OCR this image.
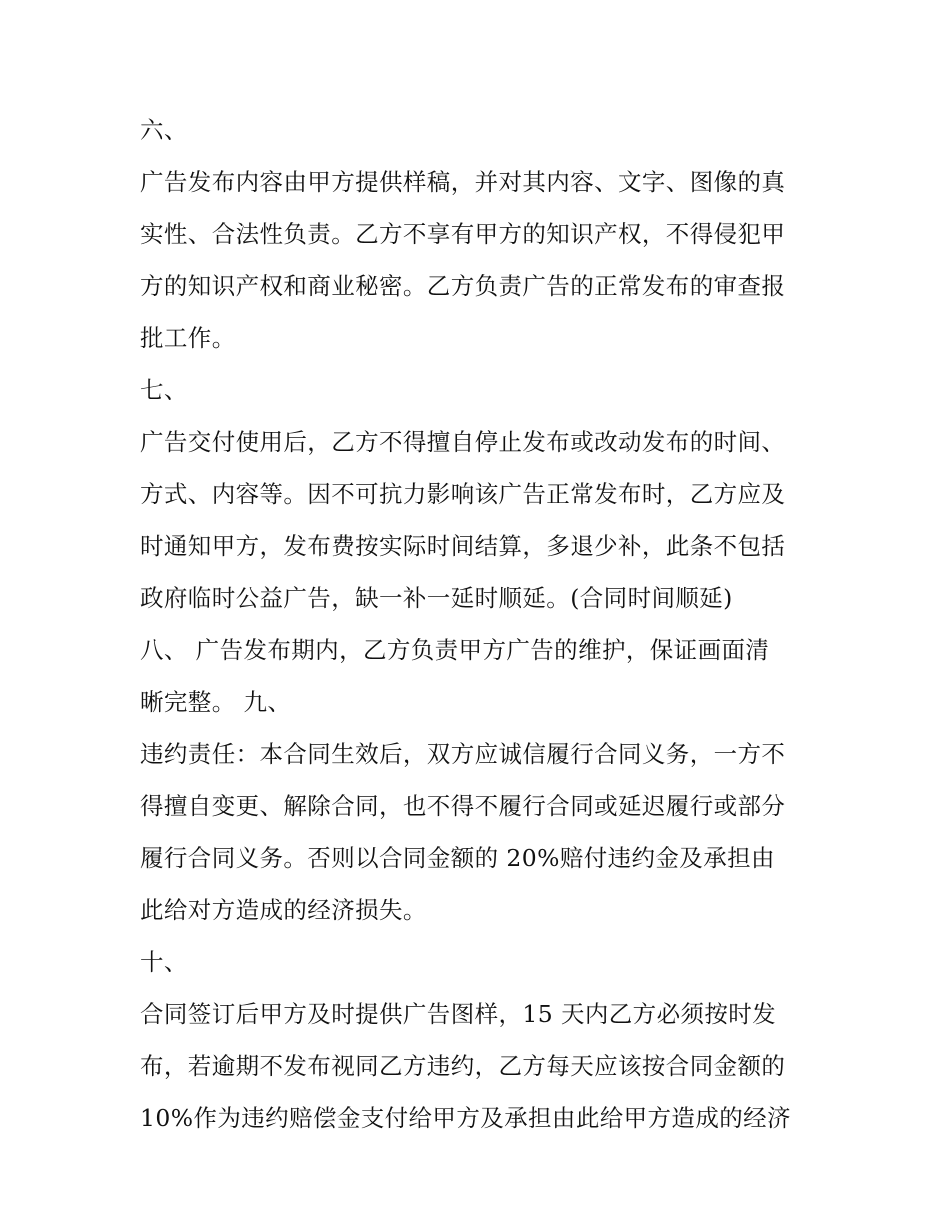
六、
广告发布内容由甲方提供样稿，并对其内容、文字、图像的真
实性、合法性负责。乙方不享有甲方的知识产权，不得侵犯甲
方的知识产权和商业秘密。乙方负责广告的正常发布的审查报
批工作。
七、
广告交付使用后，乙方不得擅自停止发布或改动发布的时间、
方式、内容等。因不可抗力影响该广告正常发布时，乙方应及
时通知甲方，发布费按实际时间结算，多退少补，此条不包括
政府临时公益广告，缺一补一延时顺延。(合同时间顺延)
八、 广告发布期内，乙方负责甲方广告的维护，保证画面清
晰完整。 九、
违约责任：本合同生效后，双方应诚信履行合同义务，一方不
得擅自变更、解除合同，也不得不履行合同或延迟履行或部分
履行合同义务。否则以合同金额的 20%赔付违约金及承担由
此给对方造成的经济损失。
十、
合同签订后甲方及时提供广告图样，15 天内乙方必须按时发
布，若逾期不发布视同乙方违约，乙方每天应该按合同金额的
10%作为违约赔偿金支付给甲方及承担由此给甲方造成的经济
